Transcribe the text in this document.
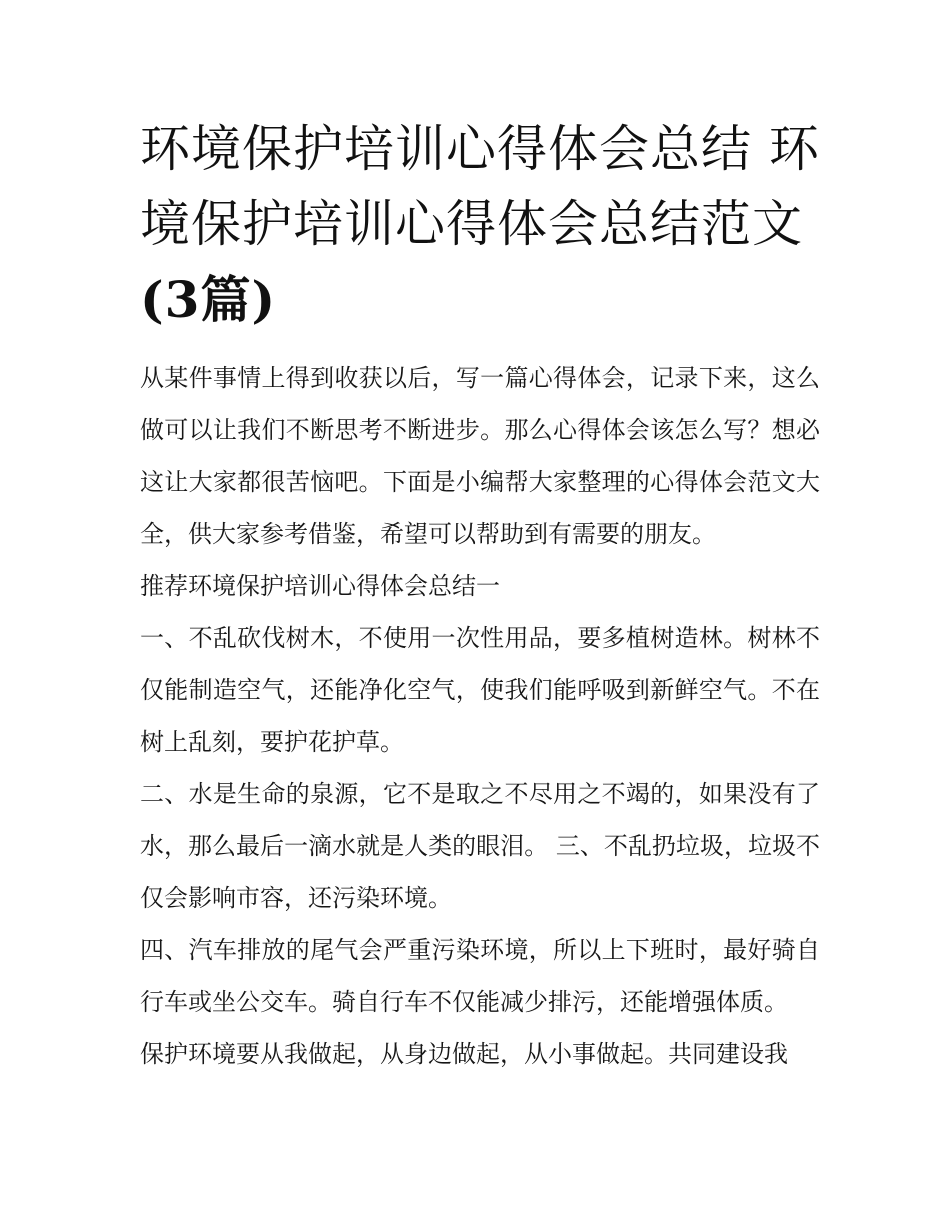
环境保护培训心得体会总结 环境保护培训心得体会总结范文
(3篇)

从某件事情上得到收获以后，写一篇心得体会，记录下来，这么做可以让我们不断思考不断进步。那么心得体会该怎么写？想必这让大家都很苦恼吧。下面是小编帮大家整理的心得体会范文大全，供大家参考借鉴，希望可以帮助到有需要的朋友。

推荐环境保护培训心得体会总结一

一、不乱砍伐树木，不使用一次性用品，要多植树造林。树林不仅能制造空气，还能净化空气，使我们能呼吸到新鲜空气。不在树上乱刻，要护花护草。

二、水是生命的泉源，它不是取之不尽用之不竭的，如果没有了水，那么最后一滴水就是人类的眼泪。 三、不乱扔垃圾，垃圾不仅会影响市容，还污染环境。

四、汽车排放的尾气会严重污染环境，所以上下班时，最好骑自行车或坐公交车。骑自行车不仅能减少排污，还能增强体质。

保护环境要从我做起，从身边做起，从小事做起。共同建设我
